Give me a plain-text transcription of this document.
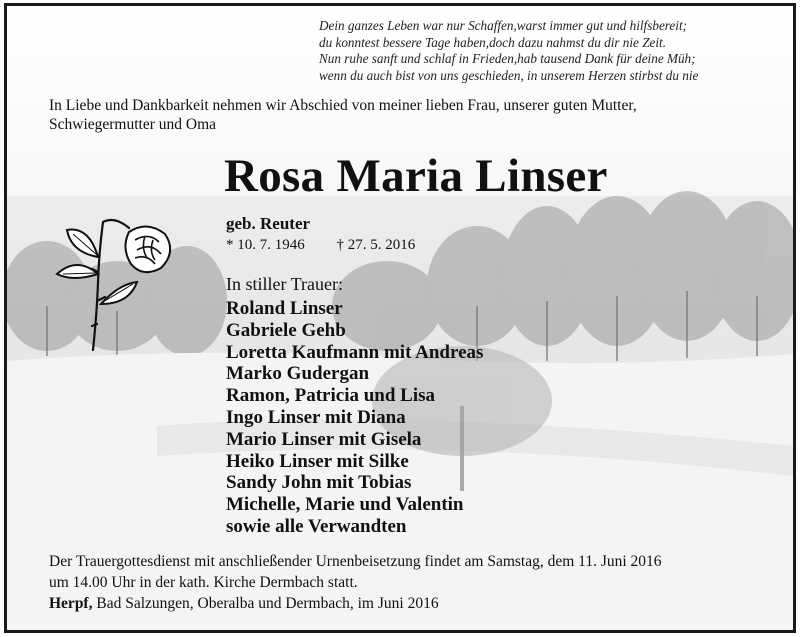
Dein ganzes Leben war nur Schaffen,warst immer gut und hilfsbereit;
du konntest bessere Tage haben,doch dazu nahmst du dir nie Zeit.
Nun ruhe sanft und schlaf in Frieden,hab tausend Dank für deine Müh;
wenn du auch bist von uns geschieden, in unserem Herzen stirbst du nie
In Liebe und Dankbarkeit nehmen wir Abschied von meiner lieben Frau, unserer guten Mutter,
Schwiegermutter und Oma
Rosa Maria Linser
geb. Reuter
* 10. 7. 1946 † 27. 5. 2016
In stiller Trauer:
Roland Linser
Gabriele Gehb
Loretta Kaufmann mit Andreas
Marko Gudergan
Ramon, Patricia und Lisa
Ingo Linser mit Diana
Mario Linser mit Gisela
Heiko Linser mit Silke
Sandy John mit Tobias
Michelle, Marie und Valentin
sowie alle Verwandten
Der Trauergottesdienst mit anschließender Urnenbeisetzung findet am Samstag, dem 11. Juni 2016
um 14.00 Uhr in der kath. Kirche Dermbach statt.
Herpf, Bad Salzungen, Oberalba und Dermbach, im Juni 2016
